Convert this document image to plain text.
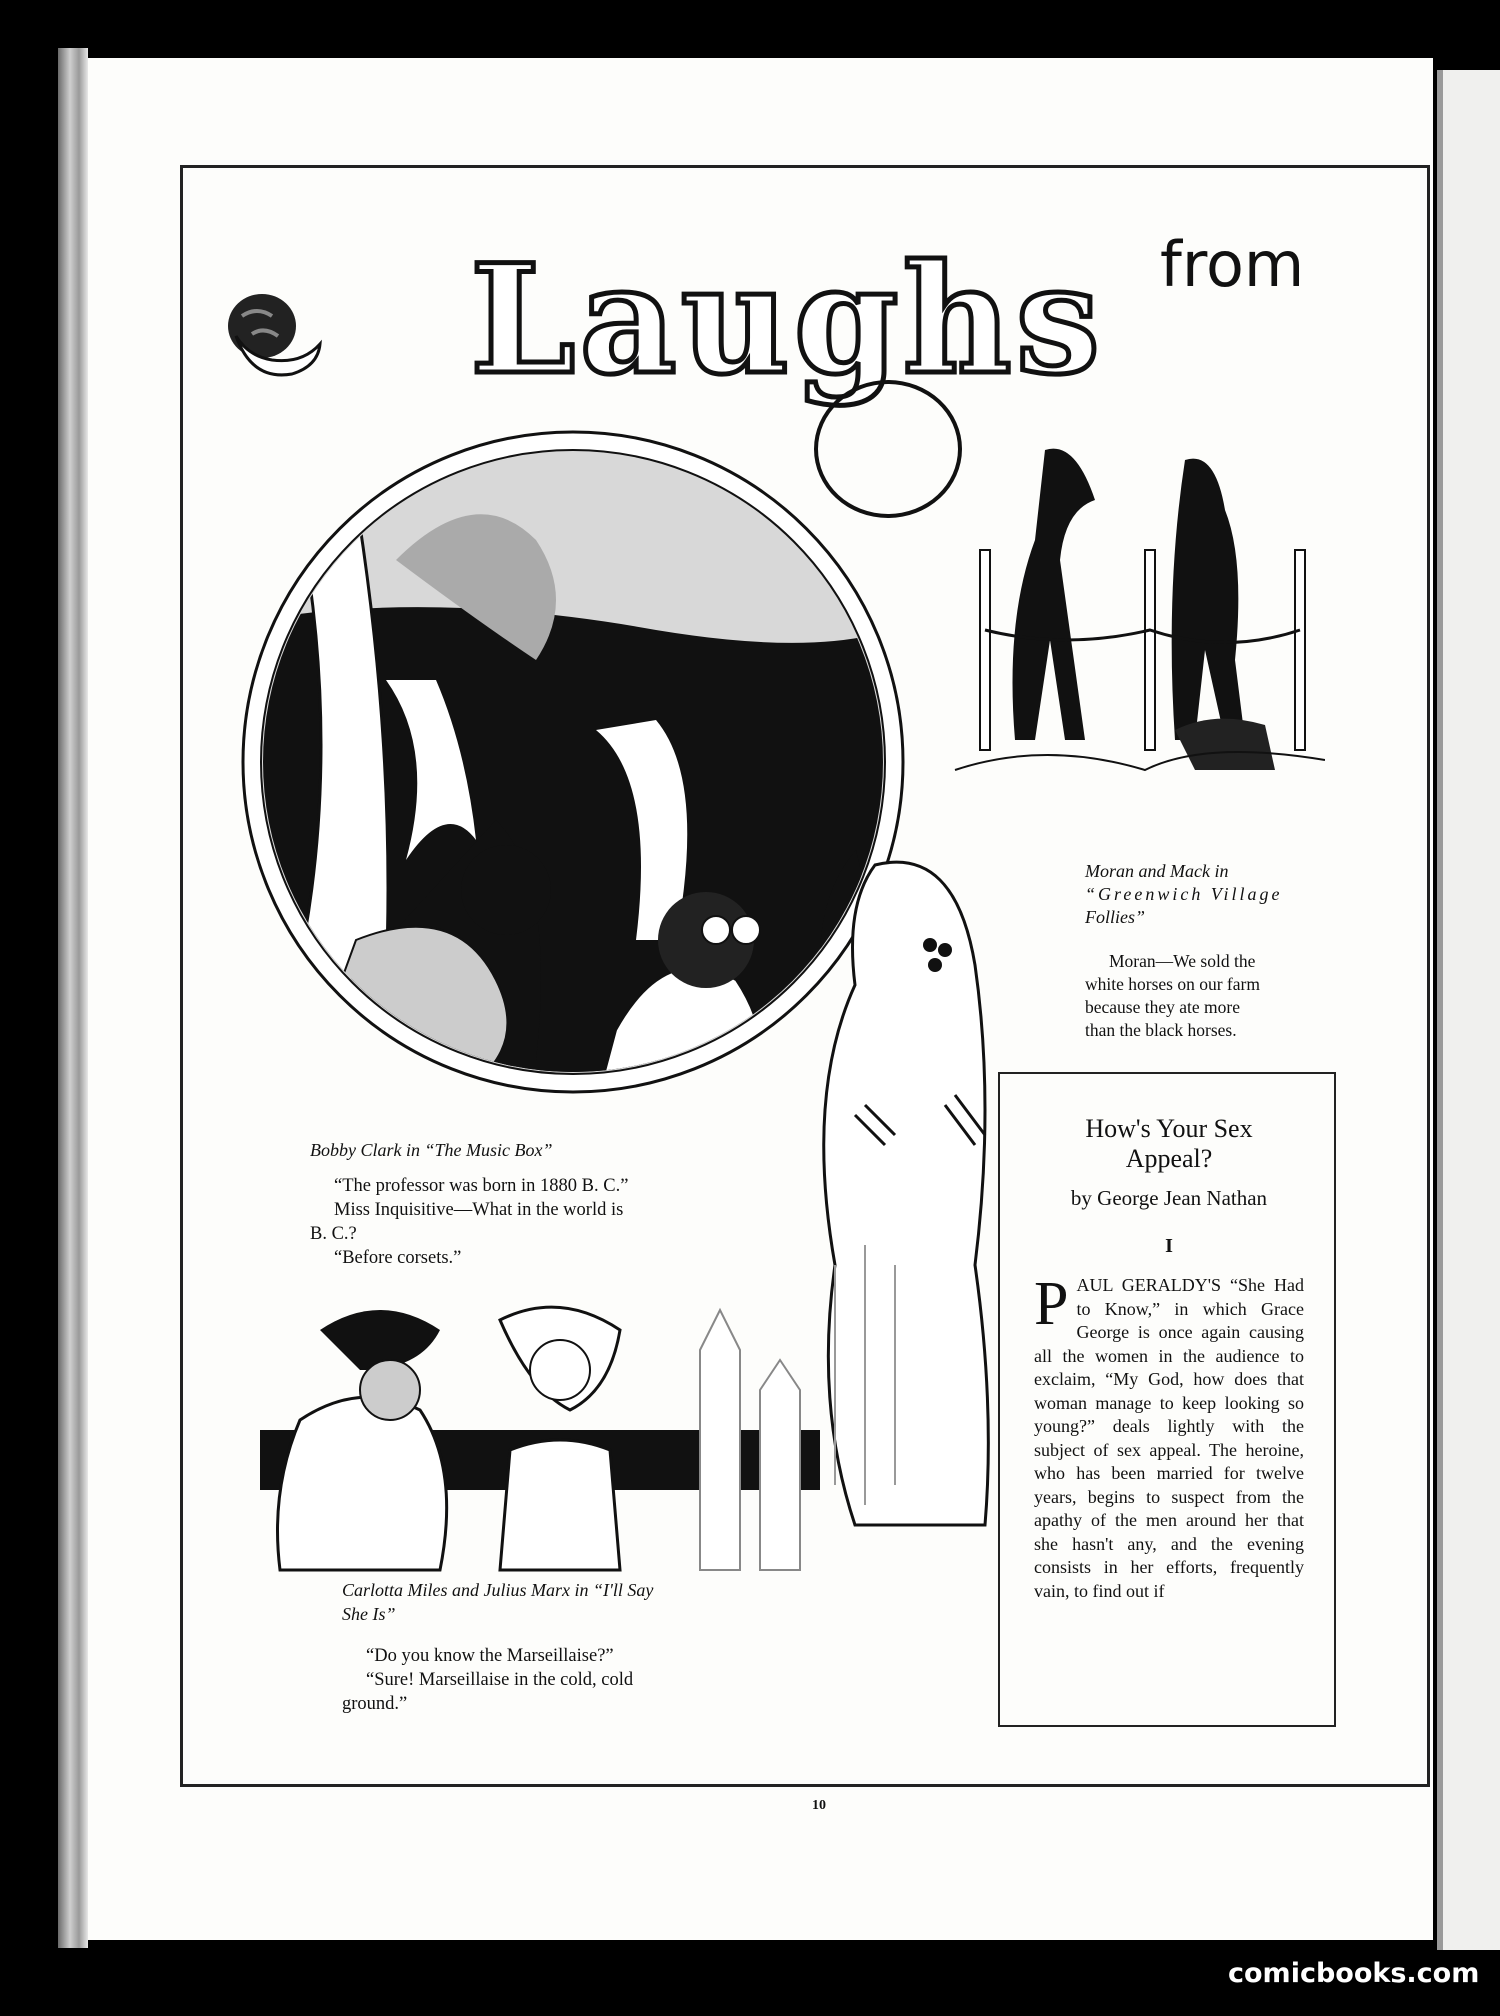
Laughs from
Moran and Mack in
“Greenwich Village
Follies”

Moran—We sold the

white horses on our farm

because they ate more

than the black horses.

Bobby Clark in “The Music Box”

“The professor was born in 1880 B. C.”

Miss Inquisitive—What in the world is

B. C.?

“Before corsets.”

Carlotta Miles and Julius Marx in “I'll Say
She Is”

“Do you know the Marseillaise?”

“Sure! Marseillaise in the cold, cold

ground.”

How's Your Sex
Appeal?
by George Jean Nathan
I
PAUL GERALDY'S “She Had to Know,” in which Grace George is once again causing all the women in the audience to exclaim, “My God, how does that woman manage to keep looking so young?” deals lightly with the subject of sex appeal. The heroine, who has been married for twelve years, begins to suspect from the apathy of the men around her that she hasn't any, and the evening consists in her efforts, frequently vain, to find out if
10
comicbooks.com
